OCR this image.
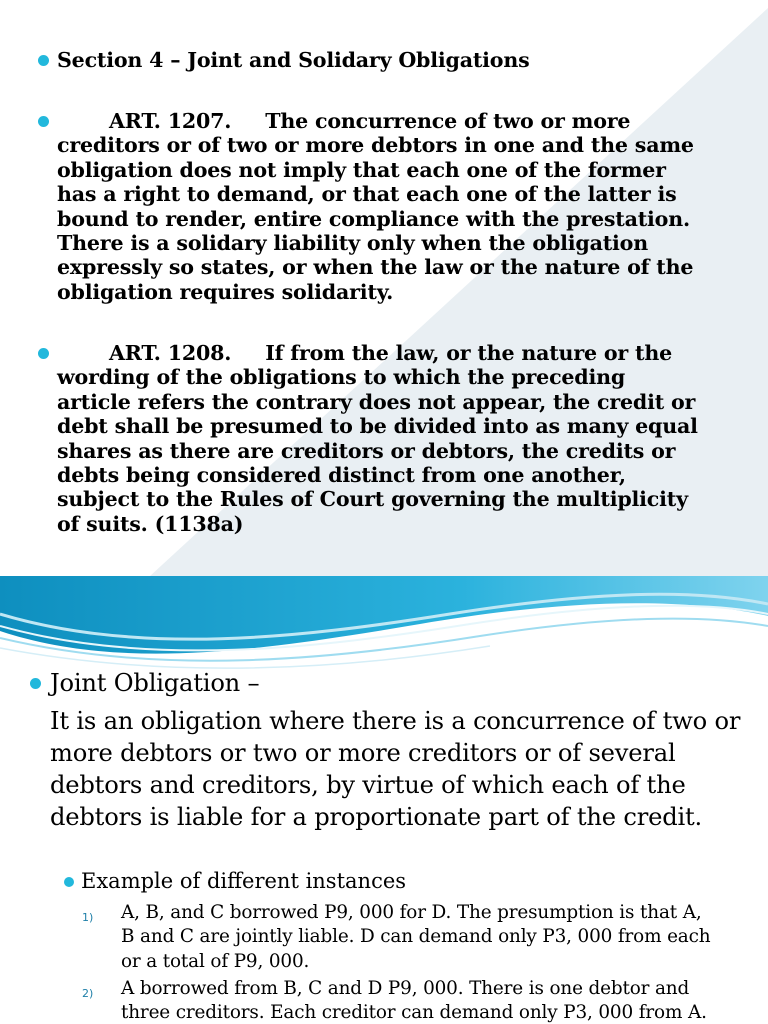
Section 4 – Joint and Solidary Obligations
ART. 1207. The concurrence of two or more
creditors or of two or more debtors in one and the same
obligation does not imply that each one of the former
has a right to demand, or that each one of the latter is
bound to render, entire compliance with the prestation.
There is a solidary liability only when the obligation
expressly so states, or when the law or the nature of the
obligation requires solidarity.
ART. 1208. If from the law, or the nature or the
wording of the obligations to which the preceding
article refers the contrary does not appear, the credit or
debt shall be presumed to be divided into as many equal
shares as there are creditors or debtors, the credits or
debts being considered distinct from one another,
subject to the Rules of Court governing the multiplicity
of suits. (1138a)
Joint Obligation –
It is an obligation where there is a concurrence of two or
more debtors or two or more creditors or of several
debtors and creditors, by virtue of which each of the
debtors is liable for a proportionate part of the credit.
Example of different instances
1) A, B, and C borrowed P9, 000 for D. The presumption is that A,
B and C are jointly liable. D can demand only P3, 000 from each
or a total of P9, 000.
2) A borrowed from B, C and D P9, 000. There is one debtor and
three creditors. Each creditor can demand only P3, 000 from A.
